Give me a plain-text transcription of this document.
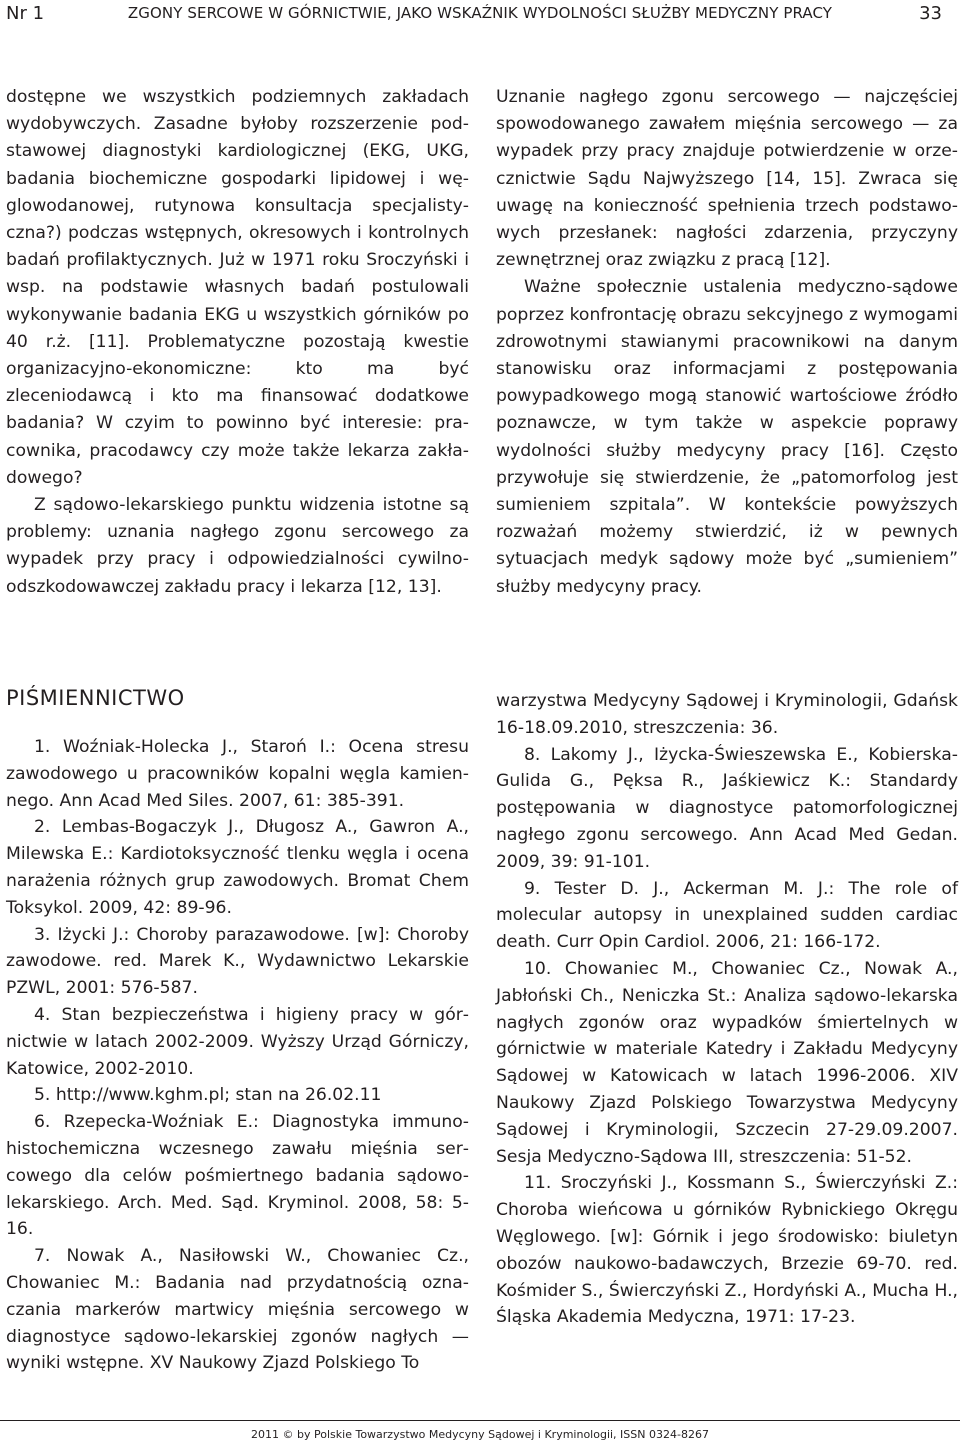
Nr 1	ZGONY SERCOWE W GÓRNICTWIE, JAKO WSKAŹNIK WYDOLNOŚCI SŁUŻBY MEDYCZNY PRACY	33

dostępne we wszystkich podziemnych zakładach wydobywczych. Zasadne byłoby rozszerzenie podstawowej diagnostyki kardiologicznej (EKG, UKG, badania biochemiczne gospodarki lipidowej i węglowodanowej, rutynowa konsultacja specjalistyczna?) podczas wstępnych, okresowych i kontrolnych badań profilaktycznych. Już w 1971 roku Sroczyński i wsp. na podstawie własnych badań postulowali wykonywanie badania EKG u wszystkich górników po 40 r.ż. [11]. Problematyczne pozostają kwestie organizacyjno-ekonomiczne: kto ma być zleceniodawcą i kto ma finansować dodatkowe badania? W czyim to powinno być interesie: pracownika, pracodawcy czy może także lekarza zakładowego?

Z sądowo-lekarskiego punktu widzenia istotne są problemy: uznania nagłego zgonu sercowego za wypadek przy pracy i odpowiedzialności cywilno-odszkodowawczej zakładu pracy i lekarza [12, 13].

Uznanie nagłego zgonu sercowego — najczęściej spowodowanego zawałem mięśnia sercowego — za wypadek przy pracy znajduje potwierdzenie w orzecznictwie Sądu Najwyższego [14, 15]. Zwraca się uwagę na konieczność spełnienia trzech podstawowych przesłanek: nagłości zdarzenia, przyczyny zewnętrznej oraz związku z pracą [12].

Ważne społecznie ustalenia medyczno-sądowe poprzez konfrontację obrazu sekcyjnego z wymogami zdrowotnymi stawianymi pracownikowi na danym stanowisku oraz informacjami z postępowania powypadkowego mogą stanowić wartościowe źródło poznawcze, w tym także w aspekcie poprawy wydolności służby medycyny pracy [16]. Często przywołuje się stwierdzenie, że „patomorfolog jest sumieniem szpitala”. W kontekście powyższych rozważań możemy stwierdzić, iż w pewnych sytuacjach medyk sądowy może być „sumieniem” służby medycyny pracy.

PIŚMIENNICTWO

1. Woźniak-Holecka J., Staroń I.: Ocena stresu zawodowego u pracowników kopalni węgla kamiennego. Ann Acad Med Siles. 2007, 61: 385-391.

2. Lembas-Bogaczyk J., Długosz A., Gawron A., Milewska E.: Kardiotoksyczność tlenku węgla i ocena narażenia różnych grup zawodowych. Bromat Chem Toksykol. 2009, 42: 89-96.

3. Iżycki J.: Choroby parazawodowe. [w]: Choroby zawodowe. red. Marek K., Wydawnictwo Lekarskie PZWL, 2001: 576-587.

4. Stan bezpieczeństwa i higieny pracy w górnictwie w latach 2002-2009. Wyższy Urząd Górniczy, Katowice, 2002-2010.

5. http://www.kghm.pl; stan na 26.02.11

6. Rzepecka-Woźniak E.: Diagnostyka immunohistochemiczna wczesnego zawału mięśnia sercowego dla celów pośmiertnego badania sądowo-lekarskiego. Arch. Med. Sąd. Kryminol. 2008, 58: 5-16.

7. Nowak A., Nasiłowski W., Chowaniec Cz., Chowaniec M.: Badania nad przydatnością oznaczania markerów martwicy mięśnia sercowego w diagnostyce sądowo-lekarskiej zgonów nagłych — wyniki wstępne. XV Naukowy Zjazd Polskiego To

warzystwa Medycyny Sądowej i Kryminologii, Gdańsk 16-18.09.2010, streszczenia: 36.

8. Lakomy J., Iżycka-Świeszewska E., Kobierska-Gulida G., Pęksa R., Jaśkiewicz K.: Standardy postępowania w diagnostyce patomorfologicznej nagłego zgonu sercowego. Ann Acad Med Gedan. 2009, 39: 91-101.

9. Tester D. J., Ackerman M. J.: The role of molecular autopsy in unexplained sudden cardiac death. Curr Opin Cardiol. 2006, 21: 166-172.

10. Chowaniec M., Chowaniec Cz., Nowak A., Jabłoński Ch., Neniczka St.: Analiza sądowo-lekarska nagłych zgonów oraz wypadków śmiertelnych w górnictwie w materiale Katedry i Zakładu Medycyny Sądowej w Katowicach w latach 1996-2006. XIV Naukowy Zjazd Polskiego Towarzystwa Medycyny Sądowej i Kryminologii, Szczecin 27-29.09.2007. Sesja Medyczno-Sądowa III, streszczenia: 51-52.

11. Sroczyński J., Kossmann S., Świerczyński Z.: Choroba wieńcowa u górników Rybnickiego Okręgu Węglowego. [w]: Górnik i jego środowisko: biuletyn obozów naukowo-badawczych, Brzezie 69-70. red. Kośmider S., Świerczyński Z., Hordyński A., Mucha H., Śląska Akademia Medyczna, 1971: 17-23.

2011 © by Polskie Towarzystwo Medycyny Sądowej i Kryminologii, ISSN 0324-8267
